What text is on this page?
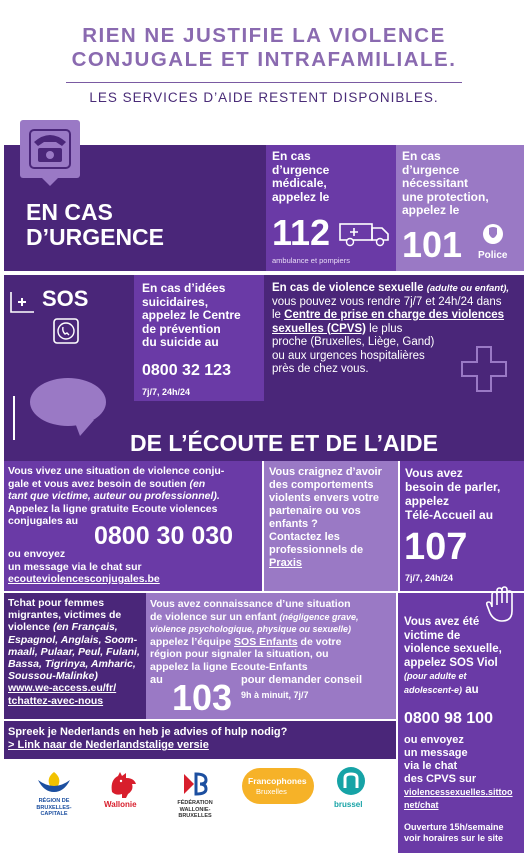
RIEN NE JUSTIFIE LA VIOLENCE
CONJUGALE ET INTRAFAMILIALE.
LES SERVICES D’AIDE RESTENT DISPONIBLES.
EN CAS
D’URGENCE
En cas
d’urgence
médicale,
appelez le
112
ambulance et pompiers
En cas
d’urgence
nécessitant
une protection,
appelez le
101 Police
SOS	En cas d’idées
suicidaires,
appelez le Centre
de prévention
du suicide au
0800 32 123
7j/7, 24h/24
En cas de violence sexuelle (adulte ou enfant),
vous pouvez vous rendre 7j/7 et 24h/24 dans
le Centre de prise en charge des violences
sexuelles (CPVS) le plus
proche (Bruxelles, Liège, Gand)
ou aux urgences hospitalières
près de chez vous.
DE L’ÉCOUTE ET DE L’AIDE
Vous vivez une situation de violence conju-
gale et vous avez besoin de soutien (en
tant que victime, auteur ou professionnel).
Appelez la ligne gratuite Ecoute violences
conjugales au
0800 30 030
ou envoyez
un message via le chat sur
ecouteviolencesconjugales.be
Vous craignez d’avoir
des comportements
violents envers votre
partenaire ou vos
enfants ?
Contactez les
professionnels de
Praxis
Vous avez
besoin de parler,
appelez
Télé-Accueil au
107
7j/7, 24h/24
Tchat pour femmes
migrantes, victimes de
violence (en Français,
Espagnol, Anglais, Soom-
maali, Pulaar, Peul, Fulani,
Bassa, Tigrinya, Amharic,
Soussou-Malinke)
www.we-access.eu/fr/
tchattez-avec-nous
Vous avez connaissance d’une situation
de violence sur un enfant (négligence grave,
violence psychologique, physique ou sexuelle)
appelez l’équipe SOS Enfants de votre
région pour signaler la situation, ou
appelez la ligne Ecoute-Enfants
au 103 pour demander conseil
9h à minuit, 7j/7
Vous avez été
victime de
violence sexuelle,
appelez SOS Viol
(pour adulte et
adolescent-e) au
0800 98 100
ou envoyez
un message
via le chat
des CPVS sur
violencessexuelles.sittoo
net/chat
Ouverture 15h/semaine
voir horaires sur le site
Spreek je Nederlands en heb je advies of hulp nodig?
> Link naar de Nederlandstalige versie
RÉGION DE
BRUXELLES-
CAPITALE
Wallonie	FÉDÉRATION
WALLONIE-BRUXELLES
Francophones
Bruxelles
brussel
